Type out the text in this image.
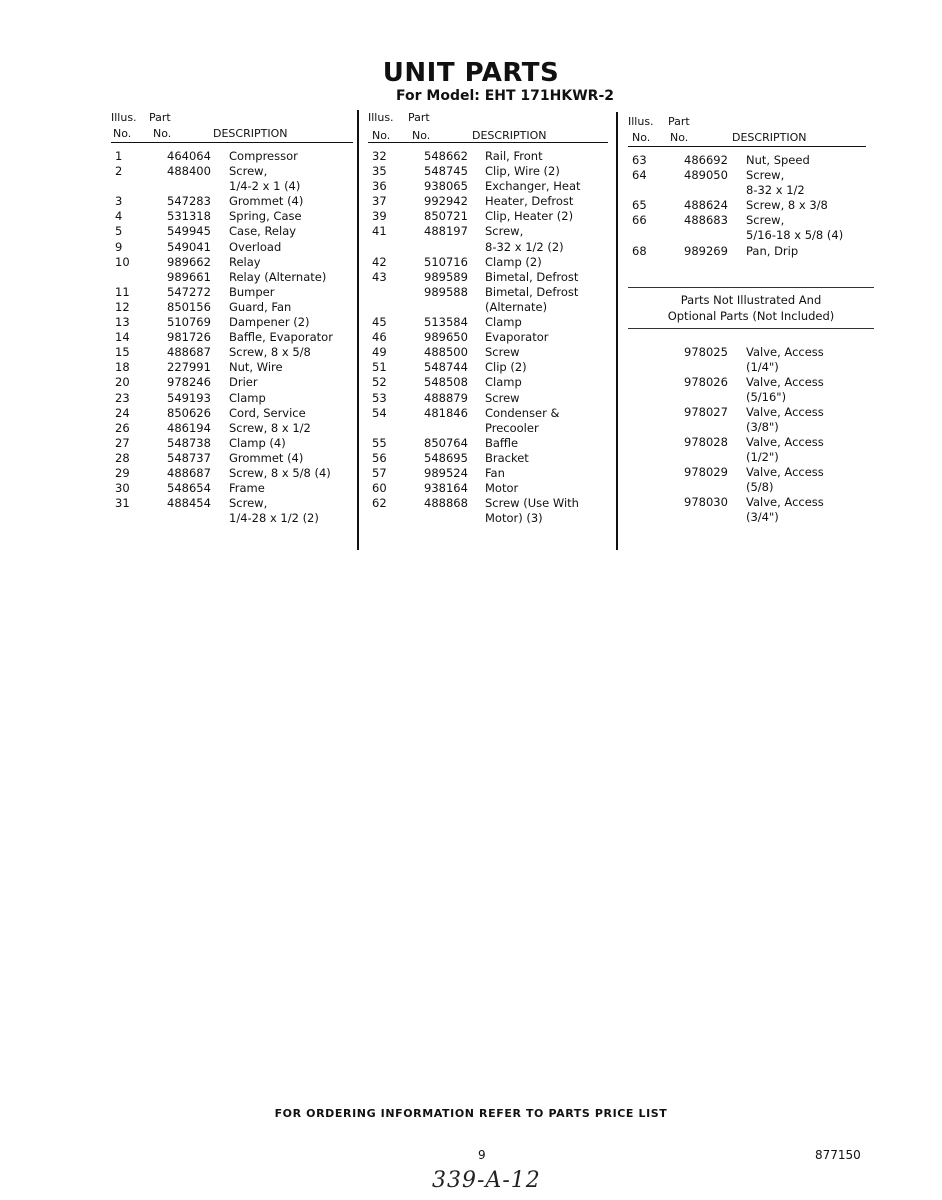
UNIT PARTS
For Model: EHT 171HKWR-2
Illus. Part
No. No.	DESCRIPTION
1	464064 Compressor
2	488400 Screw,
1/4-2 x 1 (4)
3	547283 Grommet (4)
4	531318 Spring, Case
5	549945 Case, Relay
9	549041 Overload
10	989662 Relay
989661 Relay (Alternate)
11	547272 Bumper
12	850156 Guard, Fan
13	510769 Dampener (2)
14	981726 Baffle, Evaporator
15	488687 Screw, 8 x 5/8
18	227991 Nut, Wire
20	978246 Drier
23	549193 Clamp
24	850626 Cord, Service
26	486194 Screw, 8 x 1/2
27	548738 Clamp (4)
28	548737 Grommet (4)
29	488687 Screw, 8 x 5/8 (4)
30	548654 Frame
31	488454 Screw,
1/4-28 x 1/2 (2)
Illus. Part
No. No.	DESCRIPTION
32	548662 Rail, Front
35	548745 Clip, Wire (2)
36	938065 Exchanger, Heat
37	992942 Heater, Defrost
39	850721 Clip, Heater (2)
41	488197 Screw,
8-32 x 1/2 (2)
42	510716 Clamp (2)
43	989589 Bimetal, Defrost
989588 Bimetal, Defrost
(Alternate)
45	513584 Clamp
46	989650 Evaporator
49	488500 Screw
51	548744 Clip (2)
52	548508 Clamp
53	488879 Screw
54	481846 Condenser &
Precooler
55	850764 Baffle
56	548695 Bracket
57	989524 Fan
60	938164 Motor
62	488868 Screw (Use With
Motor) (3)
Illus. Part
No. No.	DESCRIPTION
63	486692 Nut, Speed
64	489050 Screw,
8-32 x 1/2
65	488624 Screw, 8 x 3/8
66	488683 Screw,
5/16-18 x 5/8 (4)
68	989269 Pan, Drip
Parts Not Illustrated And
Optional Parts (Not Included)
978025 Valve, Access
(1/4")
978026 Valve, Access
(5/16")
978027 Valve, Access
(3/8")
978028 Valve, Access
(1/2")
978029 Valve, Access
(5/8)
978030 Valve, Access
(3/4")
FOR ORDERING INFORMATION REFER TO PARTS PRICE LIST
9	877150
339-A-12
